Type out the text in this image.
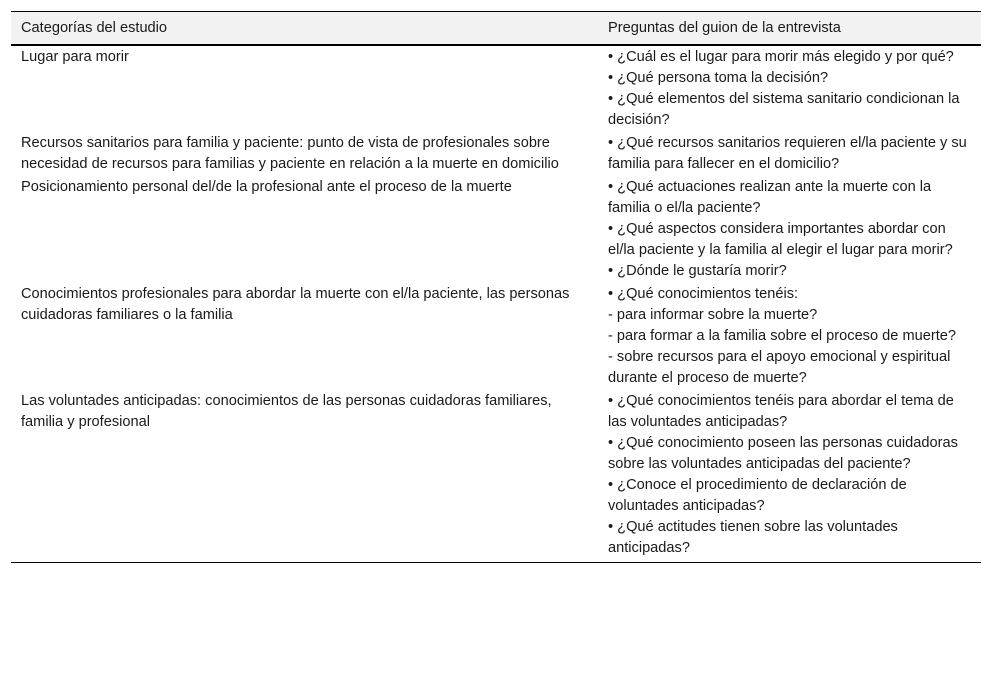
Categorías del estudio	Preguntas del guion de la entrevista
Lugar para morir	• ¿Cuál es el lugar para morir más elegido y por qué?
• ¿Qué persona toma la decisión?
• ¿Qué elementos del sistema sanitario condicionan la decisión?

Recursos sanitarios para familia y paciente: punto de vista de profesionales sobre necesidad de recursos para familias y paciente en relación a la muerte en domicilio	• ¿Qué recursos sanitarios requieren el/la paciente y su familia para fallecer en el domicilio?

Posicionamiento personal del/de la profesional ante el proceso de la muerte	• ¿Qué actuaciones realizan ante la muerte con la familia o el/la paciente?
• ¿Qué aspectos considera importantes abordar con el/la paciente y la familia al elegir el lugar para morir?
• ¿Dónde le gustaría morir?

Conocimientos profesionales para abordar la muerte con el/la paciente, las personas cuidadoras familiares o la familia	• ¿Qué conocimientos tenéis:
- para informar sobre la muerte?
- para formar a la familia sobre el proceso de muerte?
- sobre recursos para el apoyo emocional y espiritual durante el proceso de muerte?

Las voluntades anticipadas: conocimientos de las personas cuidadoras familiares, familia y profesional	• ¿Qué conocimientos tenéis para abordar el tema de las voluntades anticipadas?
• ¿Qué conocimiento poseen las personas cuidadoras sobre las voluntades anticipadas del paciente?
• ¿Conoce el procedimiento de declaración de voluntades anticipadas?
• ¿Qué actitudes tienen sobre las voluntades anticipadas?
